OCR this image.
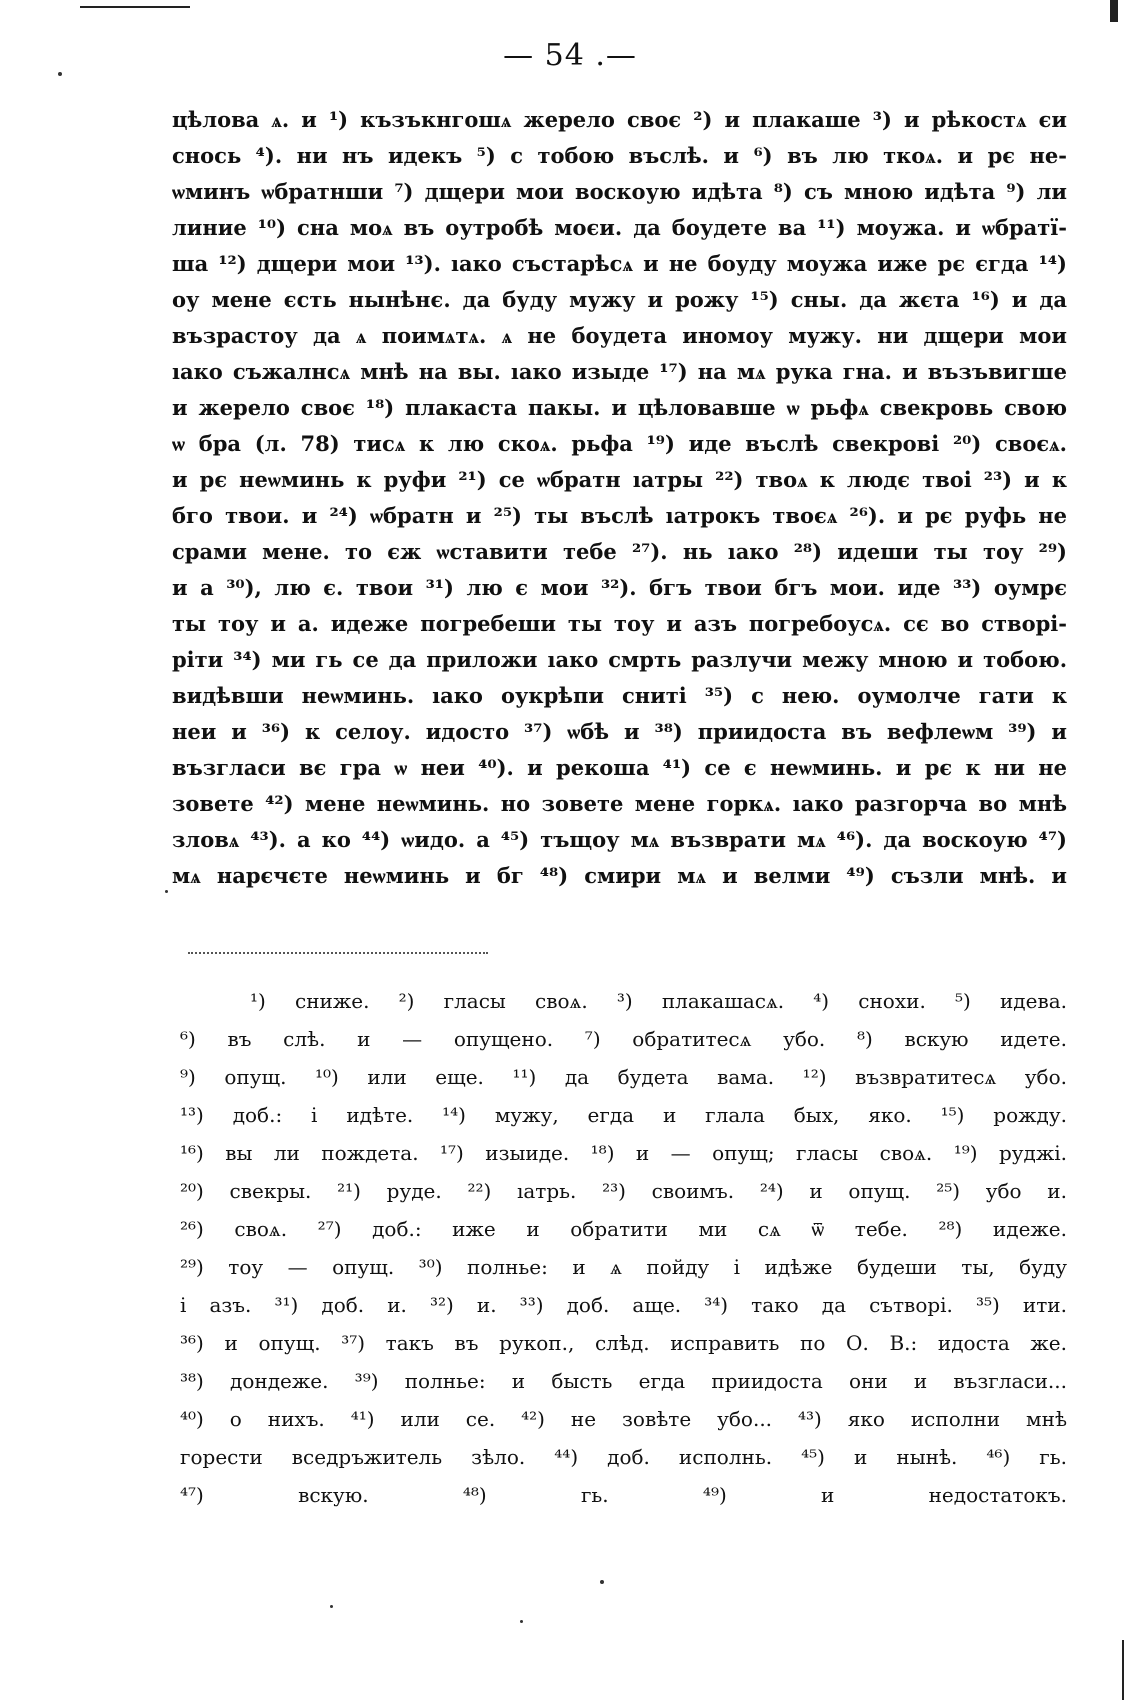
— 54 .—
цѣлова ѧ. и ¹) къзъкнгошѧ жерело своє ²) и плакаше ³) и рѣкостѧ єи
снось ⁴). ни нъ идекъ ⁵) с тобою въслѣ. и ⁶) въ лю ткоѧ. и рє не-
ѡминъ ѡбратнши ⁷) дщери мои воскоую идѣта ⁸) съ мною идѣта ⁹) ли
линие ¹⁰) сна моѧ въ оутробѣ моєи. да боудете ва ¹¹) моужа. и ѡбратї-
ша ¹²) дщери мои ¹³). ıако състарѣсѧ и не боуду моужа иже рє єгда ¹⁴)
оу мене єсть нынѣнє. да буду мужу и рожу ¹⁵) сны. да жєта ¹⁶) и да
възрастоу да ѧ поимѧтѧ. ѧ не боудета иномоу мужу. ни дщери мои
ıако съжалнсѧ мнѣ на вы. ıако изыде ¹⁷) на мѧ рука гна. и възъвигше
и жерело своє ¹⁸) плакаста пакы. и цѣловавше ѡ рьфѧ свекровь свою
ѡ бра (л. 78) тисѧ к лю скоѧ. рьфа ¹⁹) иде въслѣ свекрові ²⁰) своєѧ.
и рє неѡминь к руфи ²¹) се ѡбратн ıатры ²²) твоѧ к людє твоі ²³) и к
бго твои. и ²⁴) ѡбратн и ²⁵) ты въслѣ ıатрокъ твоєѧ ²⁶). и рє руфь не
срами мене. то єж ѡставити тебе ²⁷). нь ıако ²⁸) идеши ты тоу ²⁹)
и а ³⁰), лю є. твои ³¹) лю є мои ³²). бгъ твои бгъ мои. иде ³³) оумрє
ты тоу и а. идеже погребеши ты тоу и азъ погребоусѧ. сє во створі-
ріти ³⁴) ми гь се да приложи ıако смрть разлучи межу мною и тобою.
видѣвши неѡминь. ıако оукрѣпи сниті ³⁵) с нею. оумолче гати к
неи и ³⁶) к селоу. идосто ³⁷) ѡбѣ и ³⁸) приидоста въ вефлеѡм ³⁹) и
възгласи вє гра ѡ неи ⁴⁰). и рекоша ⁴¹) се є неѡминь. и рє к ни не
зовете ⁴²) мене неѡминь. но зовете мене горкѧ. ıако разгорча во мнѣ
зловѧ ⁴³). а ко ⁴⁴) ѡидо. а ⁴⁵) тъщоу мѧ възврати мѧ ⁴⁶). да воскоую ⁴⁷)
мѧ нарєчєте неѡминь и бг ⁴⁸) смири мѧ и велми ⁴⁹) съзли мнѣ. и
¹) сниже. ²) гласы своѧ. ³) плакашасѧ. ⁴) снохи. ⁵) идева.
⁶) въ слѣ. и — опущено. ⁷) обратитесѧ убо. ⁸) вскую идете.
⁹) опущ. ¹⁰) или еще. ¹¹) да будета вама. ¹²) възвратитесѧ убо.
¹³) доб.: і идѣте. ¹⁴) мужу, егда и глала бых, яко. ¹⁵) рожду.
¹⁶) вы ли пождета. ¹⁷) изыиде. ¹⁸) и — опущ; гласы своѧ. ¹⁹) руджі.
²⁰) свекры. ²¹) руде. ²²) ıатрь. ²³) своимъ. ²⁴) и опущ. ²⁵) убо и.
²⁶) своѧ. ²⁷) доб.: иже и обратити ми сѧ ѿ тебе. ²⁸) идеже.
²⁹) тоу — опущ. ³⁰) полнье: и ѧ пойду і идѣже будеши ты, буду
і азъ. ³¹) доб. и. ³²) и. ³³) доб. аще. ³⁴) тако да сътворі. ³⁵) ити.
³⁶) и опущ. ³⁷) такъ въ рукоп., слѣд. исправить по О. В.: идоста же.
³⁸) дондеже. ³⁹) полнье: и бысть егда приидоста они и възгласи...
⁴⁰) о нихъ. ⁴¹) или се. ⁴²) не зовѣте убо... ⁴³) яко исполни мнѣ
горести вседръжитель зѣло. ⁴⁴) доб. исполнь. ⁴⁵) и нынѣ. ⁴⁶) гь.
⁴⁷) вскую. ⁴⁸) гь. ⁴⁹) и недостатокъ.
